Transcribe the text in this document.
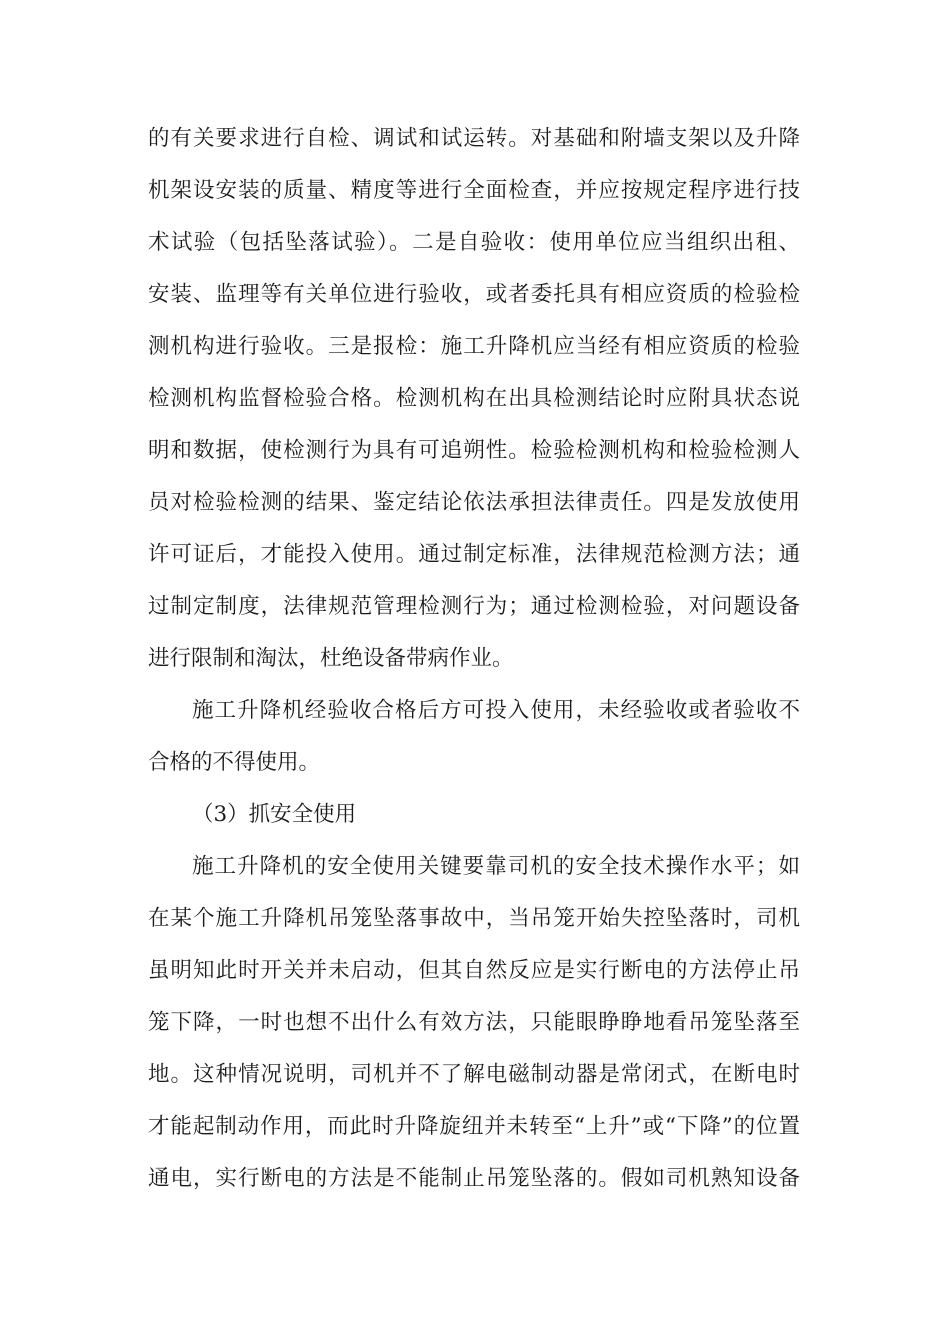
的有关要求进行自检、调试和试运转。对基础和附墙支架以及升降
机架设安装的质量、精度等进行全面检查，并应按规定程序进行技
术试验（包括坠落试验）。二是自验收：使用单位应当组织出租、
安装、监理等有关单位进行验收，或者委托具有相应资质的检验检
测机构进行验收。三是报检：施工升降机应当经有相应资质的检验
检测机构监督检验合格。检测机构在出具检测结论时应附具状态说
明和数据，使检测行为具有可追朔性。检验检测机构和检验检测人
员对检验检测的结果、鉴定结论依法承担法律责任。四是发放使用
许可证后，才能投入使用。通过制定标准，法律规范检测方法；通
过制定制度，法律规范管理检测行为；通过检测检验，对问题设备
进行限制和淘汰，杜绝设备带病作业。
施工升降机经验收合格后方可投入使用，未经验收或者验收不
合格的不得使用。
（3）抓安全使用
施工升降机的安全使用关键要靠司机的安全技术操作水平；如
在某个施工升降机吊笼坠落事故中，当吊笼开始失控坠落时，司机
虽明知此时开关并未启动，但其自然反应是实行断电的方法停止吊
笼下降，一时也想不出什么有效方法，只能眼睁睁地看吊笼坠落至
地。这种情况说明，司机并不了解电磁制动器是常闭式，在断电时
才能起制动作用，而此时升降旋纽并未转至“上升”或“下降”的位置
通电，实行断电的方法是不能制止吊笼坠落的。假如司机熟知设备
